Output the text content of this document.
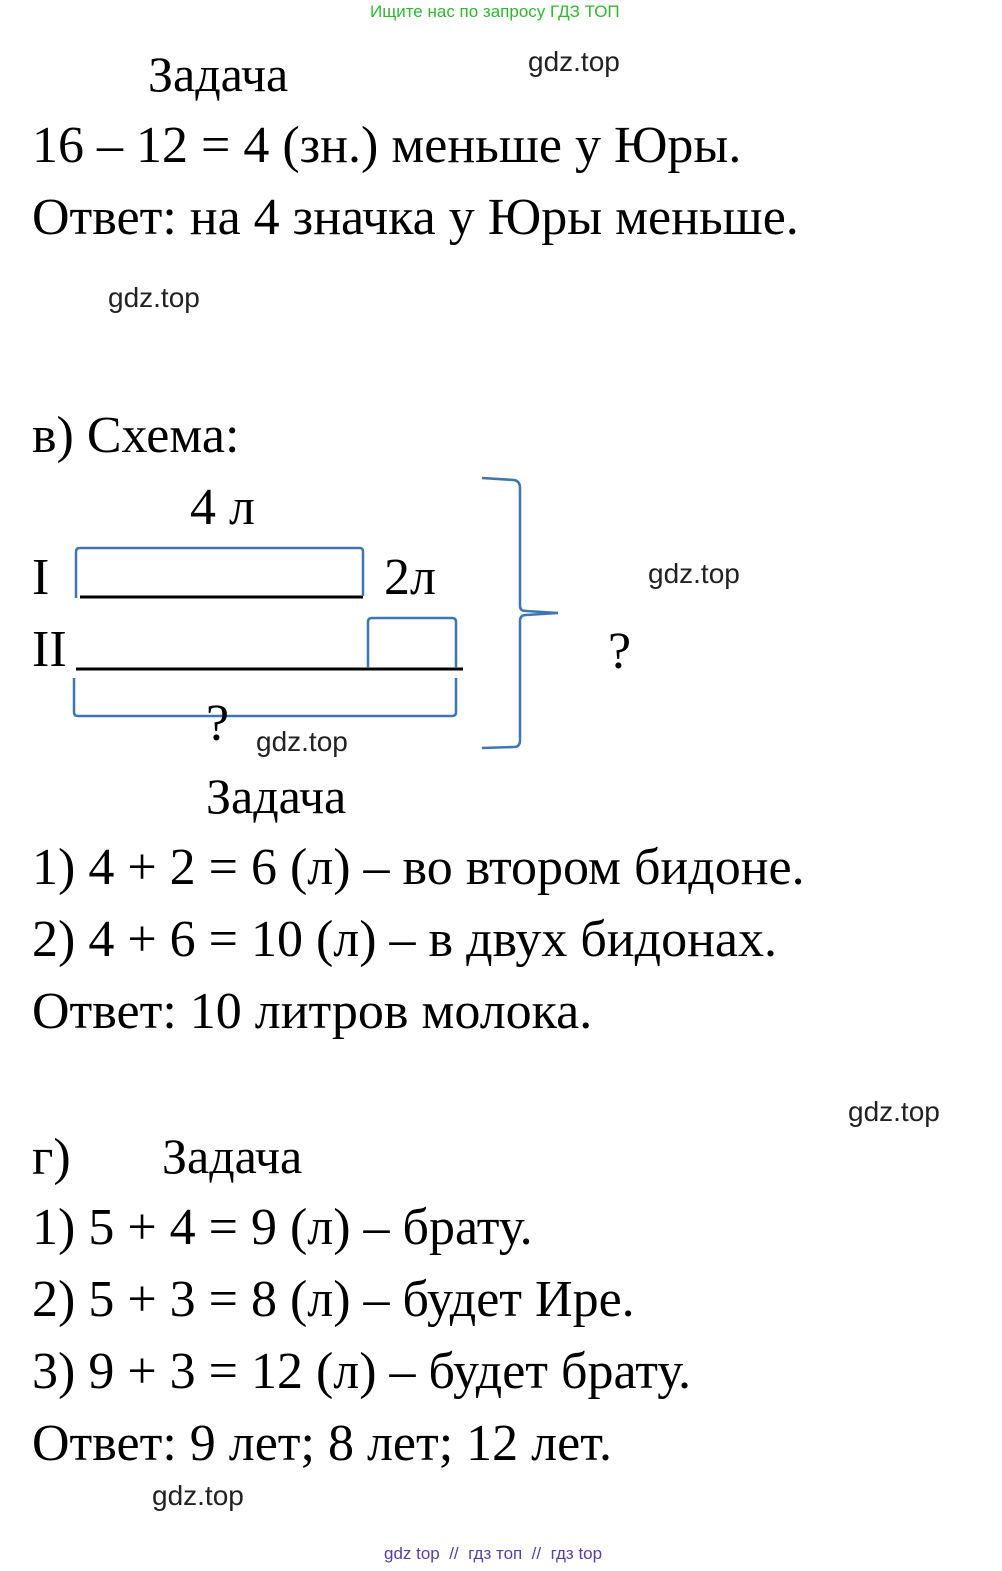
Ищите нас по запросу ГДЗ ТОП
Задача	gdz.top
16 – 12 = 4 (зн.) меньше у Юры.
Ответ: на 4 значка у Юры меньше.
gdz.top
в) Схема:
4 л
I	2л
II
gdz.top
?
? gdz.top
Задача
1) 4 + 2 = 6 (л) – во втором бидоне.
2) 4 + 6 = 10 (л) – в двух бидонах.
Ответ: 10 литров молока.
gdz.top
г) Задача
1) 5 + 4 = 9 (л) – брату.
2) 5 + 3 = 8 (л) – будет Ире.
3) 9 + 3 = 12 (л) – будет брату.
Ответ: 9 лет; 8 лет; 12 лет.
gdz.top
gdz top  //  гдз топ  //  гдз top
